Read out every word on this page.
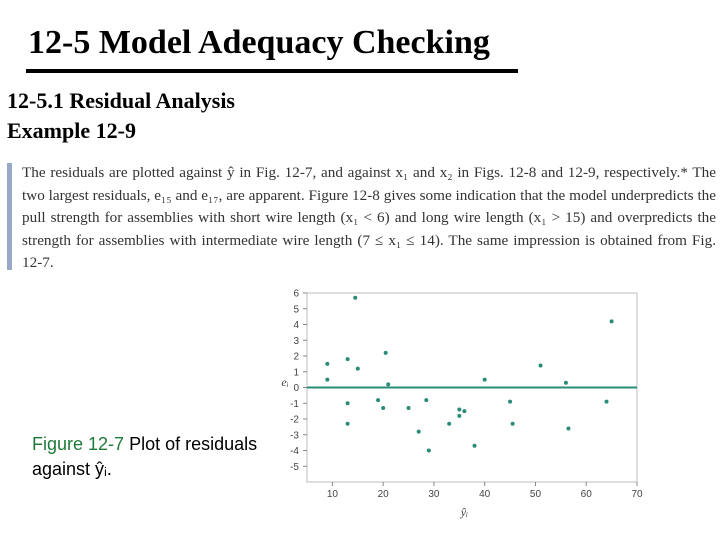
12-5 Model Adequacy Checking
12-5.1 Residual Analysis
Example 12-9
The residuals are plotted against ŷ in Fig. 12-7, and against x₁ and x₂ in Figs. 12-8 and 12-9, respectively.* The two largest residuals, e₁₅ and e₁₇, are apparent. Figure 12-8 gives some indication that the model underpredicts the pull strength for assemblies with short wire length (x₁ < 6) and long wire length (x₁ > 15) and overpredicts the strength for assemblies with intermediate wire length (7 ≤ x₁ ≤ 14). The same impression is obtained from Fig. 12-7.
Figure 12-7 Plot of residuals against ŷᵢ.
6
5
4
3
2
1
0
-1
-2
-3
-4
-5
10	20	30	40	50	60	70
eᵢ
ŷᵢ
